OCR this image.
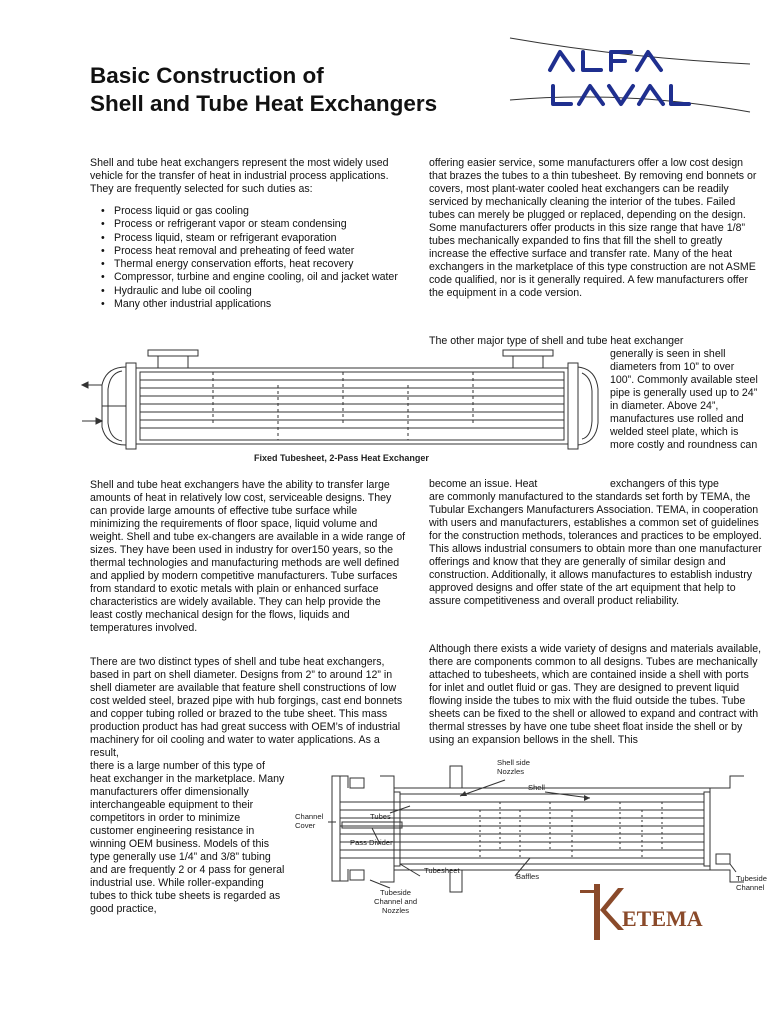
Basic Construction of
Shell and Tube Heat Exchangers

Shell and tube heat exchangers represent the most widely used vehicle for the transfer of heat in industrial process applications. They are frequently selected for such duties as:

• Process liquid or gas cooling
• Process or refrigerant vapor or steam condensing
• Process liquid, steam or refrigerant evaporation
• Process heat removal and preheating of feed water
• Thermal energy conservation efforts, heat recovery
• Compressor, turbine and engine cooling, oil and jacket water
• Hydraulic and lube oil cooling
• Many other industrial applications

offering easier service, some manufacturers offer a low cost design that brazes the tubes to a thin tubesheet. By removing end bonnets or covers, most plant-water cooled heat exchangers can be readily serviced by mechanically cleaning the interior of the tubes. Failed tubes can merely be plugged or replaced, depending on the design. Some manufacturers offer products in this size range that have 1/8” tubes mechanically expanded to fins that fill the shell to greatly increase the effective surface and transfer rate. Many of the heat exchangers in the marketplace of this type construction are not ASME code qualified, nor is it generally required. A few manufacturers offer the equipment in a code version.

The other major type of shell and tube heat exchanger

generally is seen in shell diameters from 10” to over 100”. Commonly available steel pipe is generally used up to 24” in diameter. Above 24”, manufactures use rolled and welded steel plate, which is more costly and roundness can

Fixed Tubesheet, 2-Pass Heat Exchanger
become an issue. Heat	exchangers of this type

are commonly manufactured to the standards set forth by TEMA, the Tubular Exchangers Manufacturers Association. TEMA, in cooperation with users and manufacturers, establishes a common set of guidelines for the construction methods, tolerances and practices to be employed. This allows industrial consumers to obtain more than one manufacturer offerings and know that they are generally of similar design and construction. Additionally, it allows manufactures to establish industry approved designs and offer state of the art equipment that help to assure competitiveness and overall product reliability.

Although there exists a wide variety of designs and materials available, there are components common to all designs. Tubes are mechanically attached to tubesheets, which are contained inside a shell with ports for inlet and outlet fluid or gas. They are designed to prevent liquid flowing inside the tubes to mix with the fluid outside the tubes. Tube sheets can be fixed to the shell or allowed to expand and contract with thermal stresses by have one tube sheet float inside the shell or by using an expansion bellows in the shell. This

Shell and tube heat exchangers have the ability to transfer large amounts of heat in relatively low cost, serviceable designs. They can provide large amounts of effective tube surface while minimizing the requirements of floor space, liquid volume and weight. Shell and tube ex-changers are available in a wide range of sizes. They have been used in industry for over150 years, so the thermal technologies and manufacturing methods are well defined and applied by modern competitive manufacturers. Tube surfaces from standard to exotic metals with plain or enhanced surface characteristics are widely available. They can help provide the least costly mechanical design for the flows, liquids and temperatures involved.

There are two distinct types of shell and tube heat exchangers, based in part on shell diameter. Designs from 2” to around 12” in shell diameter are available that feature shell constructions of low cost welded steel, brazed pipe with hub forgings, cast end bonnets and copper tubing rolled or brazed to the tube sheet. This mass production product has had great success with OEM’s of industrial machinery for oil cooling and water to water applications. As a result,

there is a large number of this type of heat exchanger in the marketplace. Many manufacturers offer dimensionally interchangeable equipment to their competitors in order to minimize customer engineering resistance in winning OEM business. Models of this type generally use 1/4” and 3/8” tubing and are frequently 2 or 4 pass for general industrial use. While roller-expanding tubes to thick tube sheets is regarded as good practice,

Shell side
Nozzles
Shell
Channel
Cover
Tubes
Pass Divider
Tubesheet
Baffles
Tubeside
Channel and
Nozzles
Tubeside
Channel
ETEMA
